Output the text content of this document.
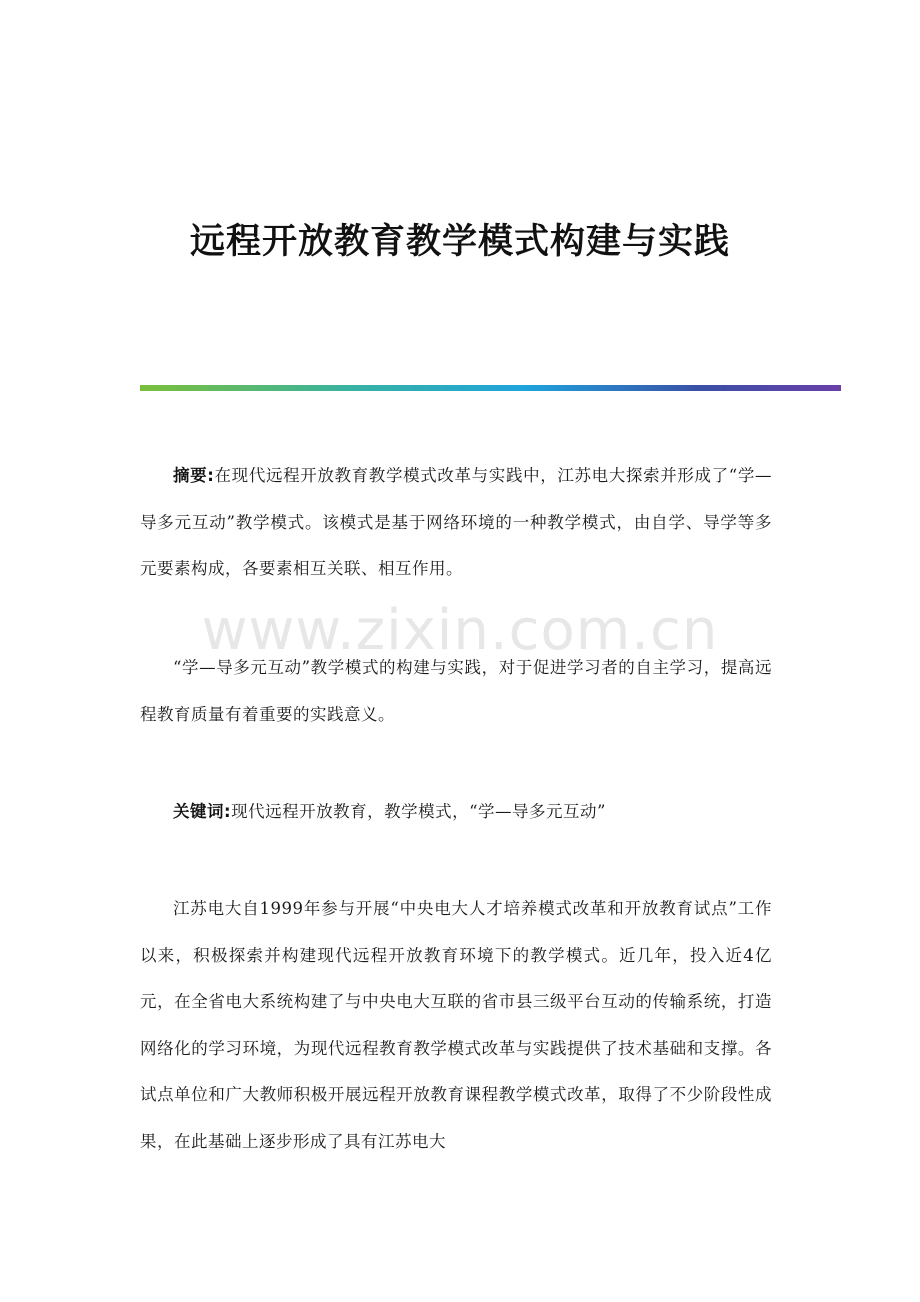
远程开放教育教学模式构建与实践

摘要:在现代远程开放教育教学模式改革与实践中，江苏电大探索并形成了“学—导多元互动”教学模式。该模式是基于网络环境的一种教学模式，由自学、导学等多元要素构成，各要素相互关联、相互作用。

www.zixin.com.cn

“学—导多元互动”教学模式的构建与实践，对于促进学习者的自主学习，提高远程教育质量有着重要的实践意义。

关键词:现代远程开放教育，教学模式，“学—导多元互动”

江苏电大自1999年参与开展“中央电大人才培养模式改革和开放教育试点”工作以来，积极探索并构建现代远程开放教育环境下的教学模式。近几年，投入近4亿元，在全省电大系统构建了与中央电大互联的省市县三级平台互动的传输系统，打造网络化的学习环境，为现代远程教育教学模式改革与实践提供了技术基础和支撑。各试点单位和广大教师积极开展远程开放教育课程教学模式改革，取得了不少阶段性成果，在此基础上逐步形成了具有江苏电大
